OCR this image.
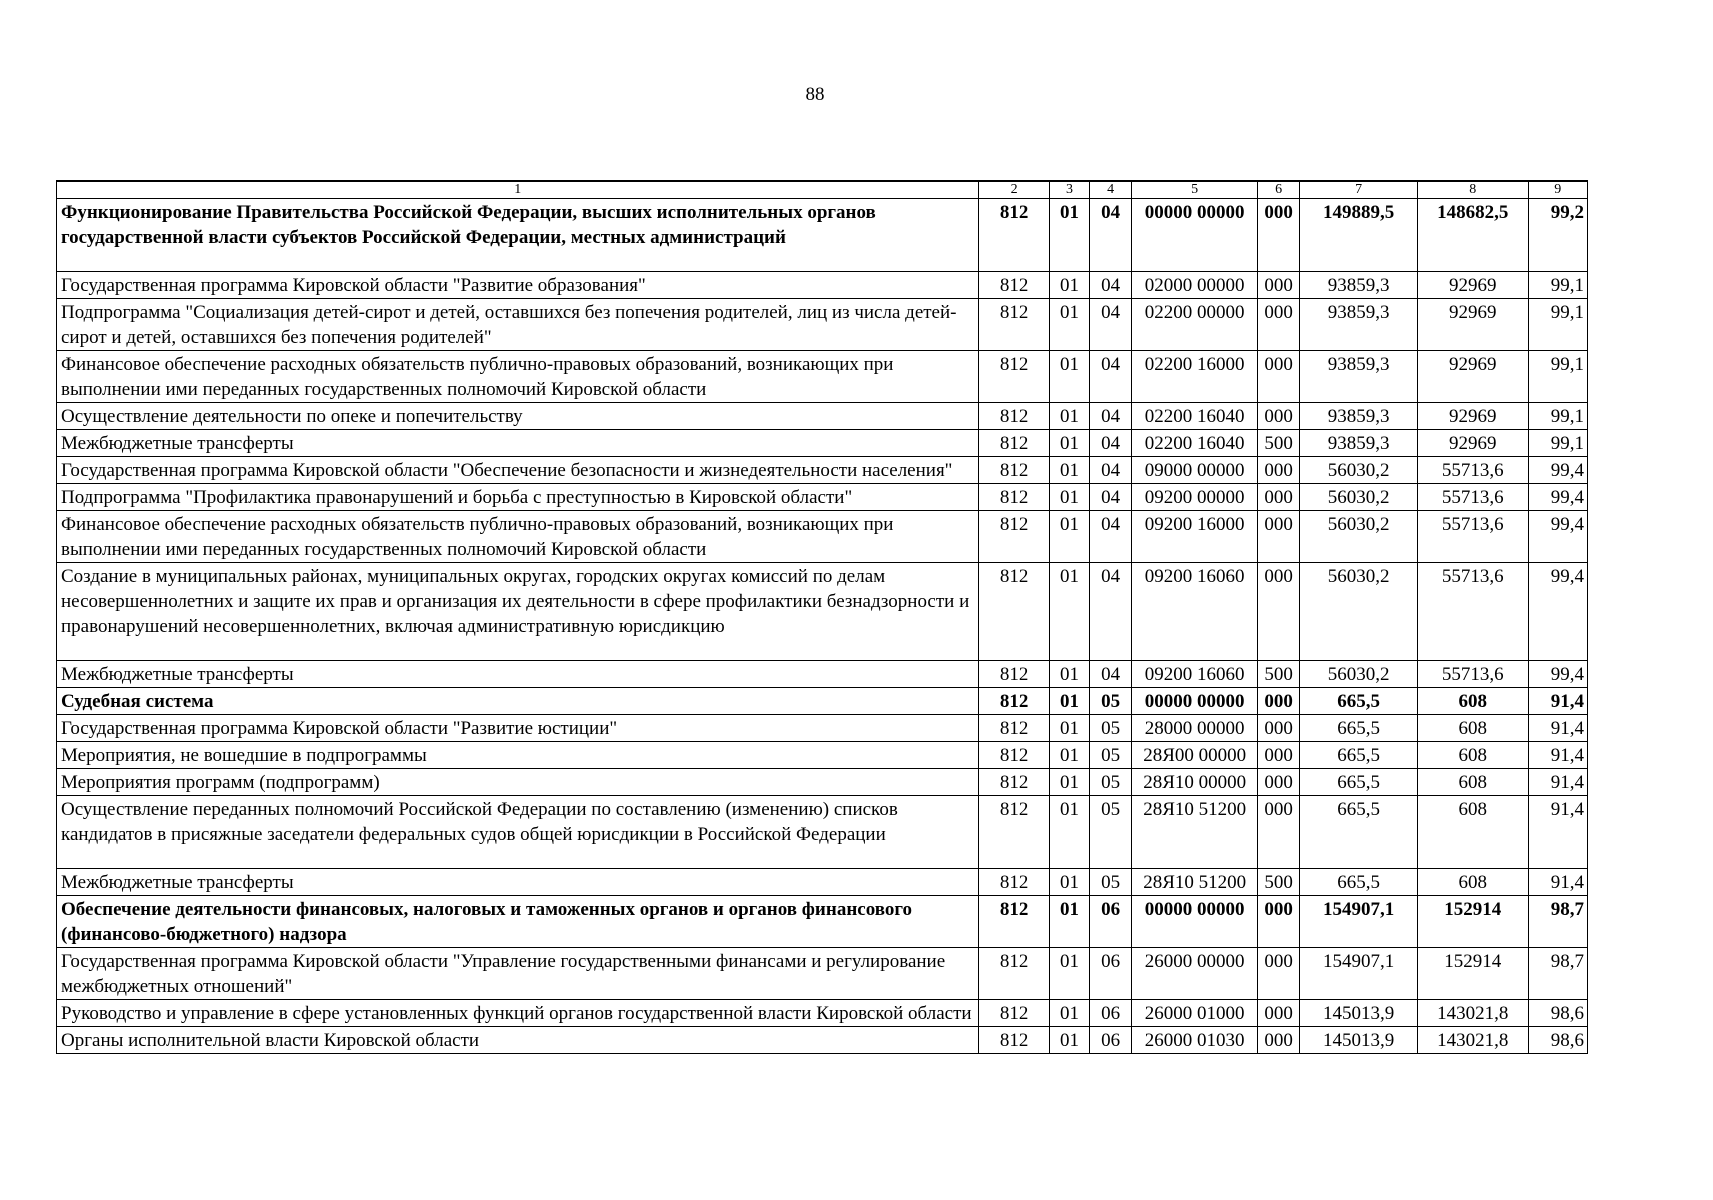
88
1	2	3	4	5	6	7	8	9
Функционирование Правительства Российской Федерации, высших исполнительных органов государственной власти субъектов Российской Федерации, местных администраций	812	01	04	00000 00000	000	149889,5	148682,5	99,2
Государственная программа Кировской области "Развитие образования"	812	01	04	02000 00000	000	93859,3	92969	99,1
Подпрограмма "Социализация детей-сирот и детей, оставшихся без попечения родителей, лиц из числа детей-сирот и детей, оставшихся без попечения родителей"	812	01	04	02200 00000	000	93859,3	92969	99,1
Финансовое обеспечение расходных обязательств публично-правовых образований, возникающих при выполнении ими переданных государственных полномочий Кировской области	812	01	04	02200 16000	000	93859,3	92969	99,1
Осуществление деятельности по опеке и попечительству	812	01	04	02200 16040	000	93859,3	92969	99,1
Межбюджетные трансферты	812	01	04	02200 16040	500	93859,3	92969	99,1
Государственная программа Кировской области "Обеспечение безопасности и жизнедеятельности населения"	812	01	04	09000 00000	000	56030,2	55713,6	99,4
Подпрограмма "Профилактика правонарушений и борьба с преступностью в Кировской области"	812	01	04	09200 00000	000	56030,2	55713,6	99,4
Финансовое обеспечение расходных обязательств публично-правовых образований, возникающих при выполнении ими переданных государственных полномочий Кировской области	812	01	04	09200 16000	000	56030,2	55713,6	99,4
Создание в муниципальных районах, муниципальных округах, городских округах комиссий по делам несовершеннолетних и защите их прав и организация их деятельности в сфере профилактики безнадзорности и правонарушений несовершеннолетних, включая административную юрисдикцию	812	01	04	09200 16060	000	56030,2	55713,6	99,4
Межбюджетные трансферты	812	01	04	09200 16060	500	56030,2	55713,6	99,4
Судебная система	812	01	05	00000 00000	000	665,5	608	91,4
Государственная программа Кировской области "Развитие юстиции"	812	01	05	28000 00000	000	665,5	608	91,4
Мероприятия, не вошедшие в подпрограммы	812	01	05	28Я00 00000	000	665,5	608	91,4
Мероприятия программ (подпрограмм)	812	01	05	28Я10 00000	000	665,5	608	91,4
Осуществление переданных полномочий Российской Федерации по составлению (изменению) списков кандидатов в присяжные заседатели федеральных судов общей юрисдикции в Российской Федерации	812	01	05	28Я10 51200	000	665,5	608	91,4
Межбюджетные трансферты	812	01	05	28Я10 51200	500	665,5	608	91,4
Обеспечение деятельности финансовых, налоговых и таможенных органов и органов финансового (финансово-бюджетного) надзора	812	01	06	00000 00000	000	154907,1	152914	98,7
Государственная программа Кировской области "Управление государственными финансами и регулирование межбюджетных отношений"	812	01	06	26000 00000	000	154907,1	152914	98,7
Руководство и управление в сфере установленных функций органов государственной власти Кировской области	812	01	06	26000 01000	000	145013,9	143021,8	98,6
Органы исполнительной власти Кировской области	812	01	06	26000 01030	000	145013,9	143021,8	98,6
